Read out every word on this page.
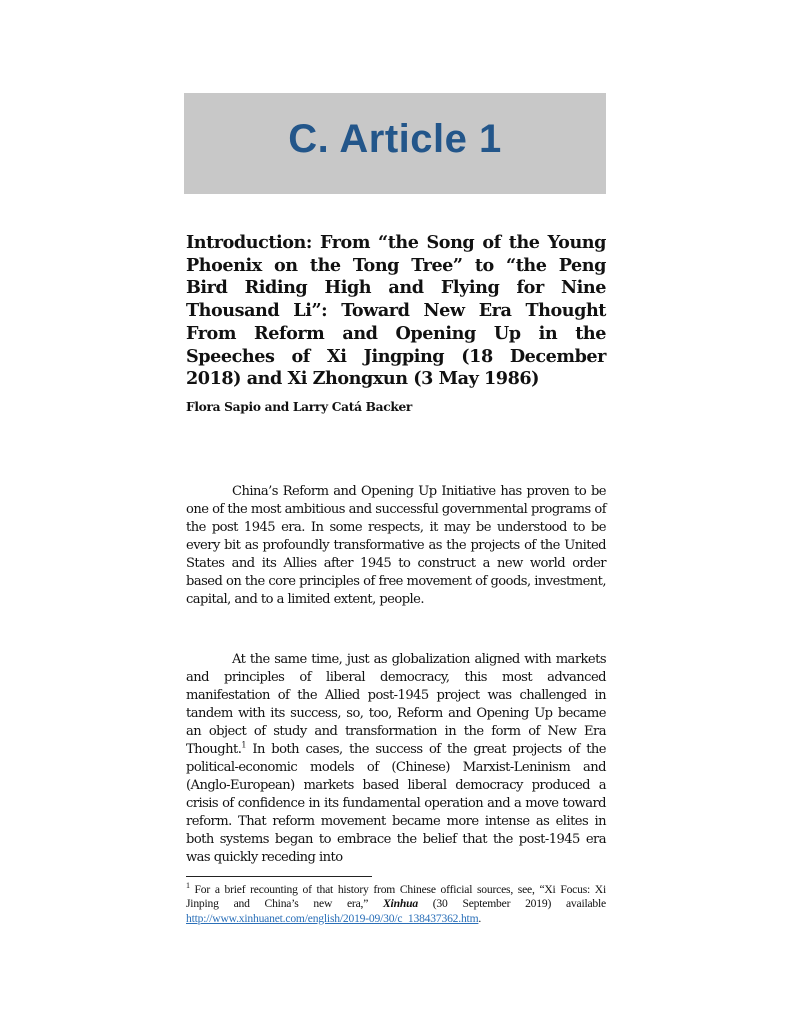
C. Article 1
Introduction: From “the Song of the Young Phoenix on the Tong Tree” to “the Peng Bird Riding High and Flying for Nine Thousand Li”: Toward New Era Thought From Reform and Opening Up in the Speeches of Xi Jingping (18 December 2018) and Xi Zhongxun (3 May 1986)

Flora Sapio and Larry Catá Backer

China’s Reform and Opening Up Initiative has proven to be one of the most ambitious and successful governmental programs of the post 1945 era. In some respects, it may be understood to be every bit as profoundly transformative as the projects of the United States and its Allies after 1945 to construct a new world order based on the core principles of free movement of goods, investment, capital, and to a limited extent, people.

At the same time, just as globalization aligned with markets and principles of liberal democracy, this most advanced manifestation of the Allied post-1945 project was challenged in tandem with its success, so, too, Reform and Opening Up became an object of study and transformation in the form of New Era Thought.$^1$ In both cases, the success of the great projects of the political-economic models of (Chinese) Marxist-Leninism and (Anglo-European) markets based liberal democracy produced a crisis of confidence in its fundamental operation and a move toward reform. That reform movement became more intense as elites in both systems began to embrace the belief that the post-1945 era was quickly receding into

$^1$ For a brief recounting of that history from Chinese official sources, see, “Xi Focus: Xi Jinping and China’s new era,” Xinhua (30 September 2019) available http://www.xinhuanet.com/english/2019-09/30/c_138437362.htm.
